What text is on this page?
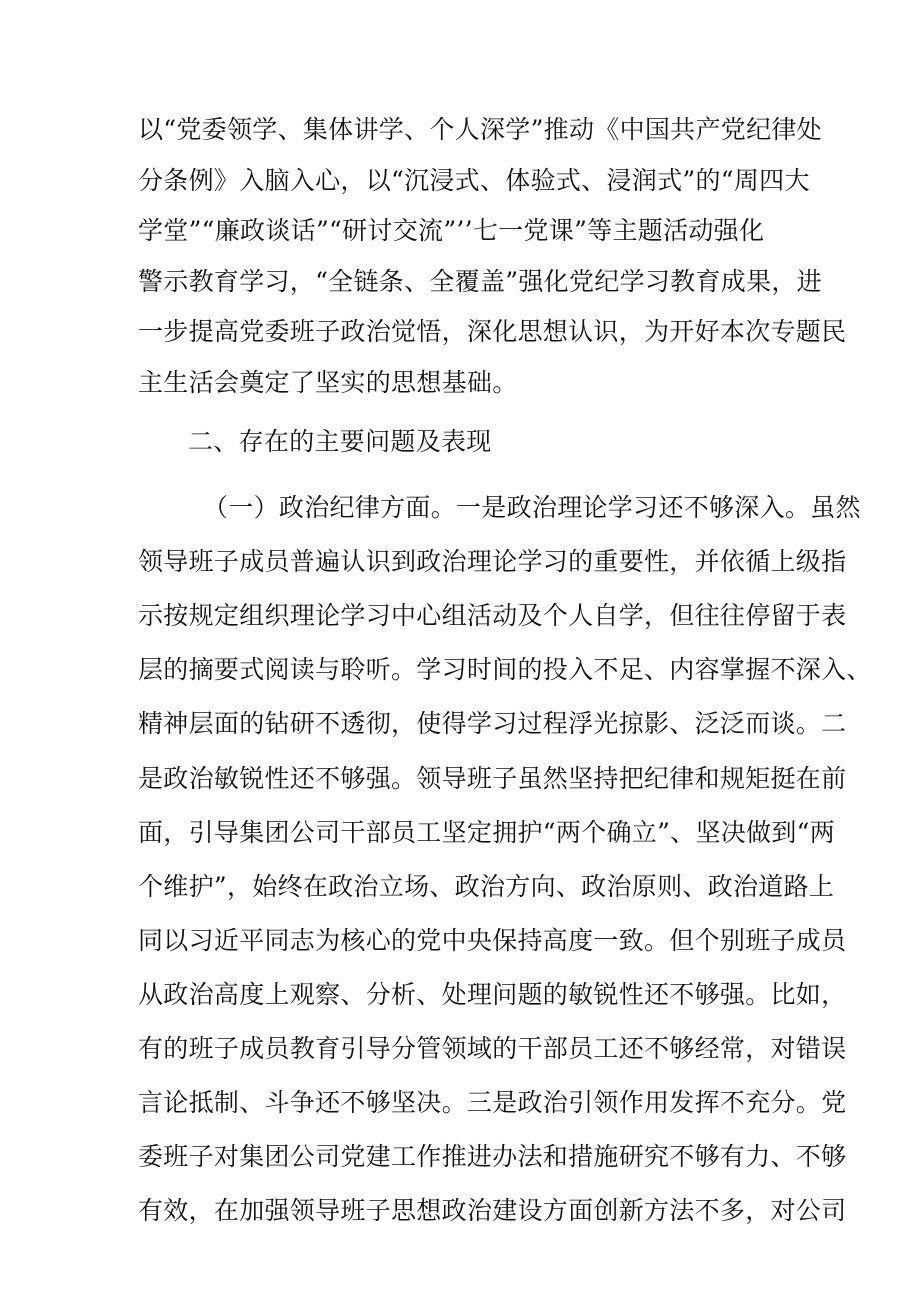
以“党委领学、集体讲学、个人深学”推动《中国共产党纪律处
分条例》入脑入心，以“沉浸式、体验式、浸润式”的“周四大
学堂”“廉政谈话”“研讨交流”’’七一党课”等主题活动强化
警示教育学习，“全链条、全覆盖”强化党纪学习教育成果，进
一步提高党委班子政治觉悟，深化思想认识，为开好本次专题民
主生活会奠定了坚实的思想基础。
二、存在的主要问题及表现
（一）政治纪律方面。一是政治理论学习还不够深入。虽然
领导班子成员普遍认识到政治理论学习的重要性，并依循上级指
示按规定组织理论学习中心组活动及个人自学，但往往停留于表
层的摘要式阅读与聆听。学习时间的投入不足、内容掌握不深入、
精神层面的钻研不透彻，使得学习过程浮光掠影、泛泛而谈。二
是政治敏锐性还不够强。领导班子虽然坚持把纪律和规矩挺在前
面，引导集团公司干部员工坚定拥护“两个确立”、坚决做到“两
个维护”，始终在政治立场、政治方向、政治原则、政治道路上
同以习近平同志为核心的党中央保持高度一致。但个别班子成员
从政治高度上观察、分析、处理问题的敏锐性还不够强。比如，
有的班子成员教育引导分管领域的干部员工还不够经常，对错误
言论抵制、斗争还不够坚决。三是政治引领作用发挥不充分。党
委班子对集团公司党建工作推进办法和措施研究不够有力、不够
有效，在加强领导班子思想政治建设方面创新方法不多，对公司
